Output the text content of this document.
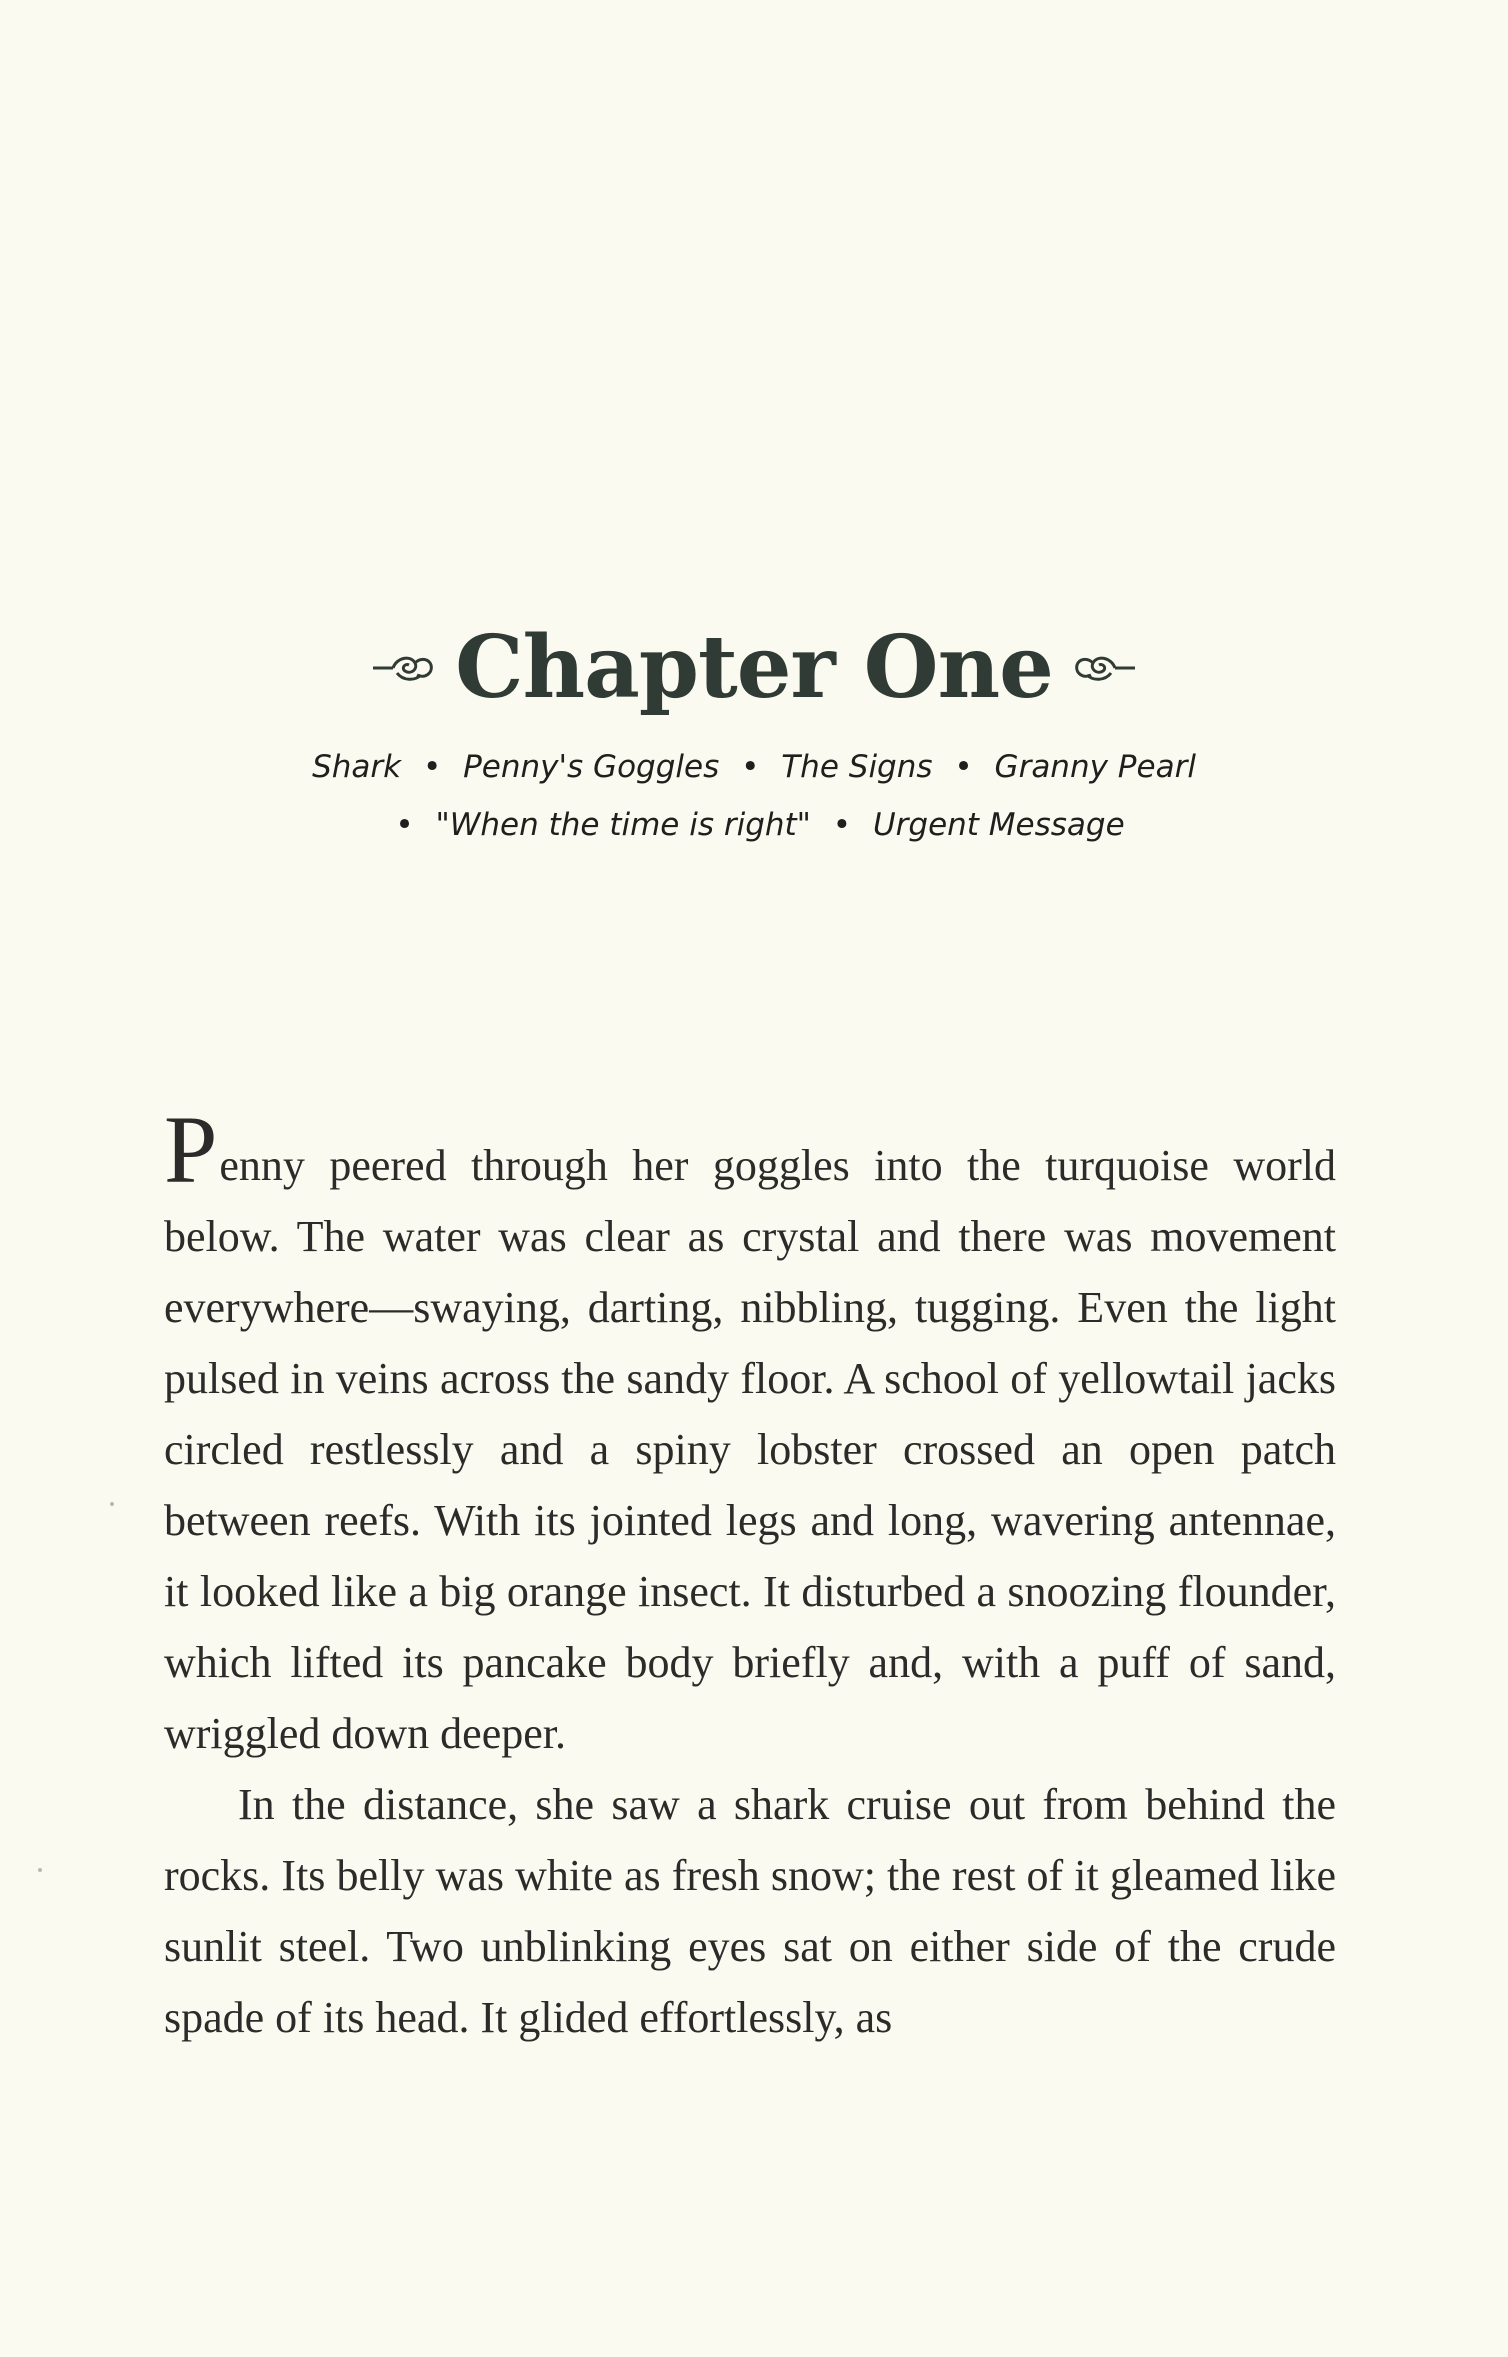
Chapter One
Shark • Penny's Goggles • The Signs • Granny Pearl
• "When the time is right" • Urgent Message

Penny peered through her goggles into the turquoise world below. The water was clear as crystal and there was movement everywhere—swaying, darting, nibbling, tugging. Even the light pulsed in veins across the sandy floor. A school of yellowtail jacks circled restlessly and a spiny lobster crossed an open patch between reefs. With its jointed legs and long, wavering antennae, it looked like a big orange insect. It disturbed a snoozing flounder, which lifted its pancake body briefly and, with a puff of sand, wriggled down deeper.

In the distance, she saw a shark cruise out from behind the rocks. Its belly was white as fresh snow; the rest of it gleamed like sunlit steel. Two unblinking eyes sat on either side of the crude spade of its head. It glided effortlessly, as
